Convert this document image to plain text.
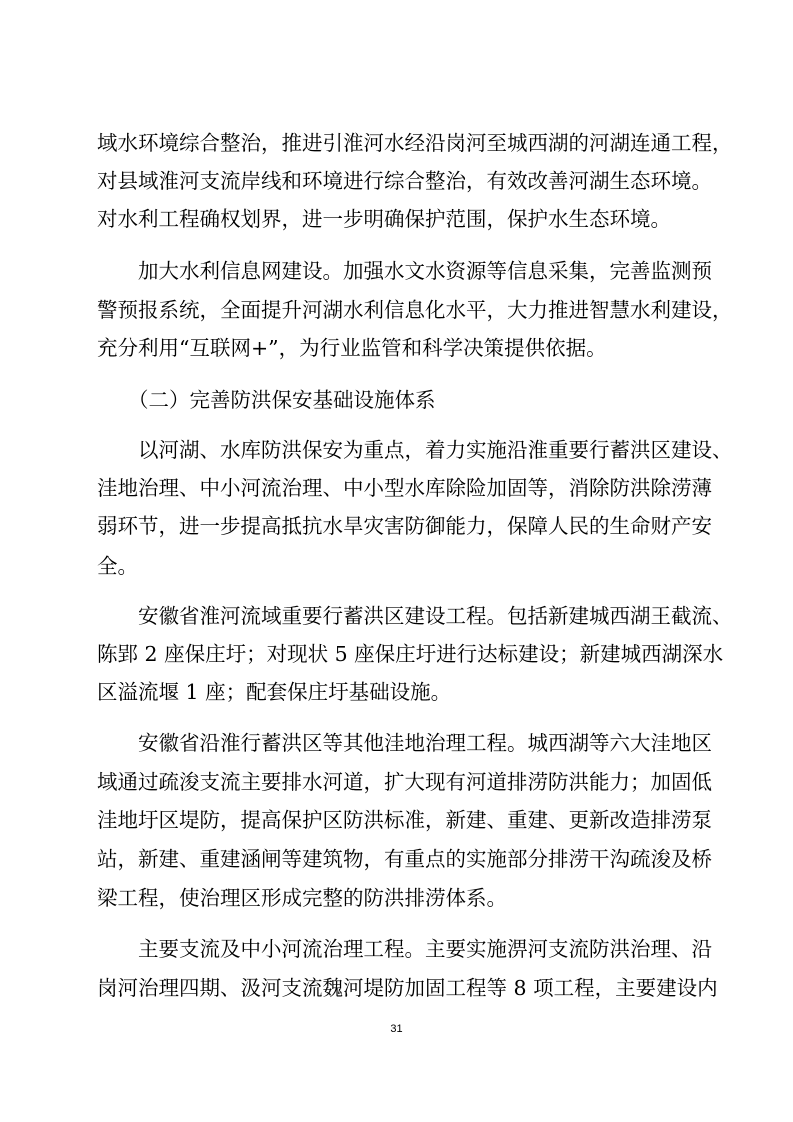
域水环境综合整治，推进引淮河水经沿岗河至城西湖的河湖连通工程，
对县域淮河支流岸线和环境进行综合整治，有效改善河湖生态环境。
对水利工程确权划界，进一步明确保护范围，保护水生态环境。
加大水利信息网建设。加强水文水资源等信息采集，完善监测预
警预报系统，全面提升河湖水利信息化水平，大力推进智慧水利建设，
充分利用“互联网+”，为行业监管和科学决策提供依据。
（二）完善防洪保安基础设施体系
以河湖、水库防洪保安为重点，着力实施沿淮重要行蓄洪区建设、
洼地治理、中小河流治理、中小型水库除险加固等，消除防洪除涝薄
弱环节，进一步提高抵抗水旱灾害防御能力，保障人民的生命财产安
全。
安徽省淮河流域重要行蓄洪区建设工程。包括新建城西湖王截流、
陈郢 2 座保庄圩；对现状 5 座保庄圩进行达标建设；新建城西湖深水
区溢流堰 1 座；配套保庄圩基础设施。
安徽省沿淮行蓄洪区等其他洼地治理工程。城西湖等六大洼地区
域通过疏浚支流主要排水河道，扩大现有河道排涝防洪能力；加固低
洼地圩区堤防，提高保护区防洪标准，新建、重建、更新改造排涝泵
站，新建、重建涵闸等建筑物，有重点的实施部分排涝干沟疏浚及桥
梁工程，使治理区形成完整的防洪排涝体系。
主要支流及中小河流治理工程。主要实施淠河支流防洪治理、沿
岗河治理四期、汲河支流魏河堤防加固工程等 8 项工程，主要建设内
31
